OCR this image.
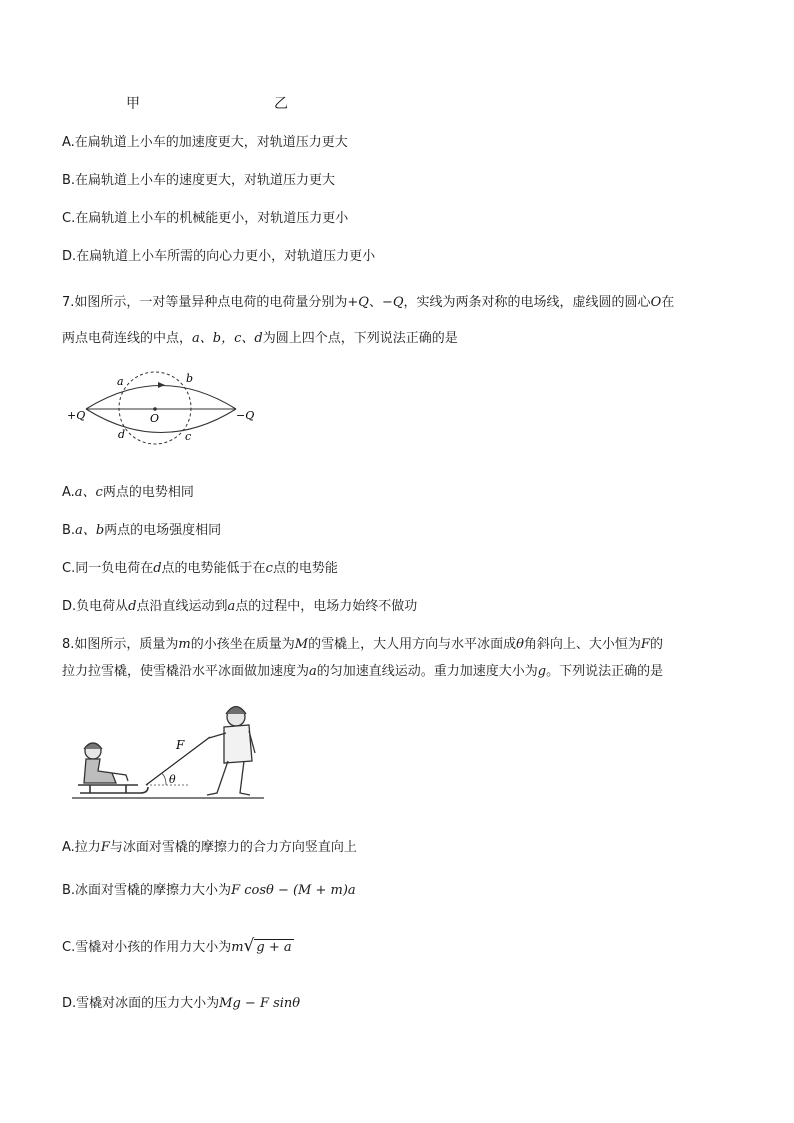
甲	乙
A.在扁轨道上小车的加速度更大，对轨道压力更大
B.在扁轨道上小车的速度更大，对轨道压力更大
C.在扁轨道上小车的机械能更小，对轨道压力更小
D.在扁轨道上小车所需的向心力更小，对轨道压力更小
7.如图所示，一对等量异种点电荷的电荷量分别为+Q、−Q，实线为两条对称的电场线，虚线圆的圆心O在
两点电荷连线的中点，a、b，c、d为圆上四个点，下列说法正确的是
+Q	−Q
O
a	b
c
d
A.a、c两点的电势相同
B.a、b两点的电场强度相同
C.同一负电荷在d点的电势能低于在c点的电势能
D.负电荷从d点沿直线运动到a点的过程中，电场力始终不做功
8.如图所示，质量为m的小孩坐在质量为M的雪橇上，大人用方向与水平冰面成θ角斜向上、大小恒为F的
拉力拉雪橇，使雪橇沿水平冰面做加速度为a的匀加速直线运动。重力加速度大小为g。下列说法正确的是
F
θ
A.拉力F与冰面对雪橇的摩擦力的合力方向竖直向上
B.冰面对雪橇的摩擦力大小为F cosθ − (M + m)a
C.雪橇对小孩的作用力大小为m√ g + a
D.雪橇对冰面的压力大小为Mg − F sinθ
